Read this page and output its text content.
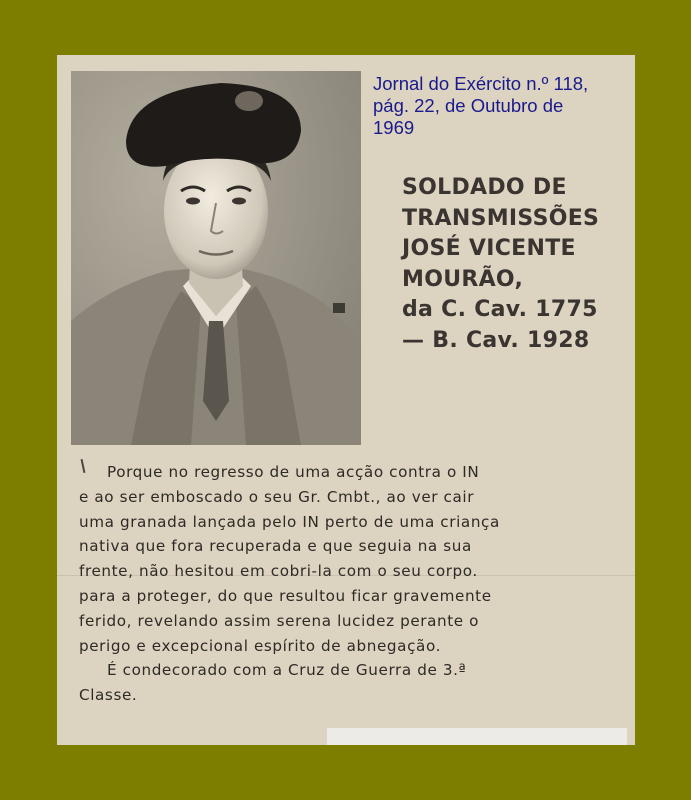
Jornal do Exército n.º 118,
pág. 22, de Outubro de
1969
SOLDADO DE
TRANSMISSÕES
JOSÉ VICENTE
MOURÃO,
da C. Cav. 1775
— B. Cav. 1928
Porque no regresso de uma acção contra o IN
e ao ser emboscado o seu Gr. Cmbt., ao ver cair
uma granada lançada pelo IN perto de uma criança
nativa que fora recuperada e que seguia na sua
frente, não hesitou em cobri-la com o seu corpo.
para a proteger, do que resultou ficar gravemente
ferido, revelando assim serena lucidez perante o
perigo e excepcional espírito de abnegação.
É condecorado com a Cruz de Guerra de 3.ª
Classe.
